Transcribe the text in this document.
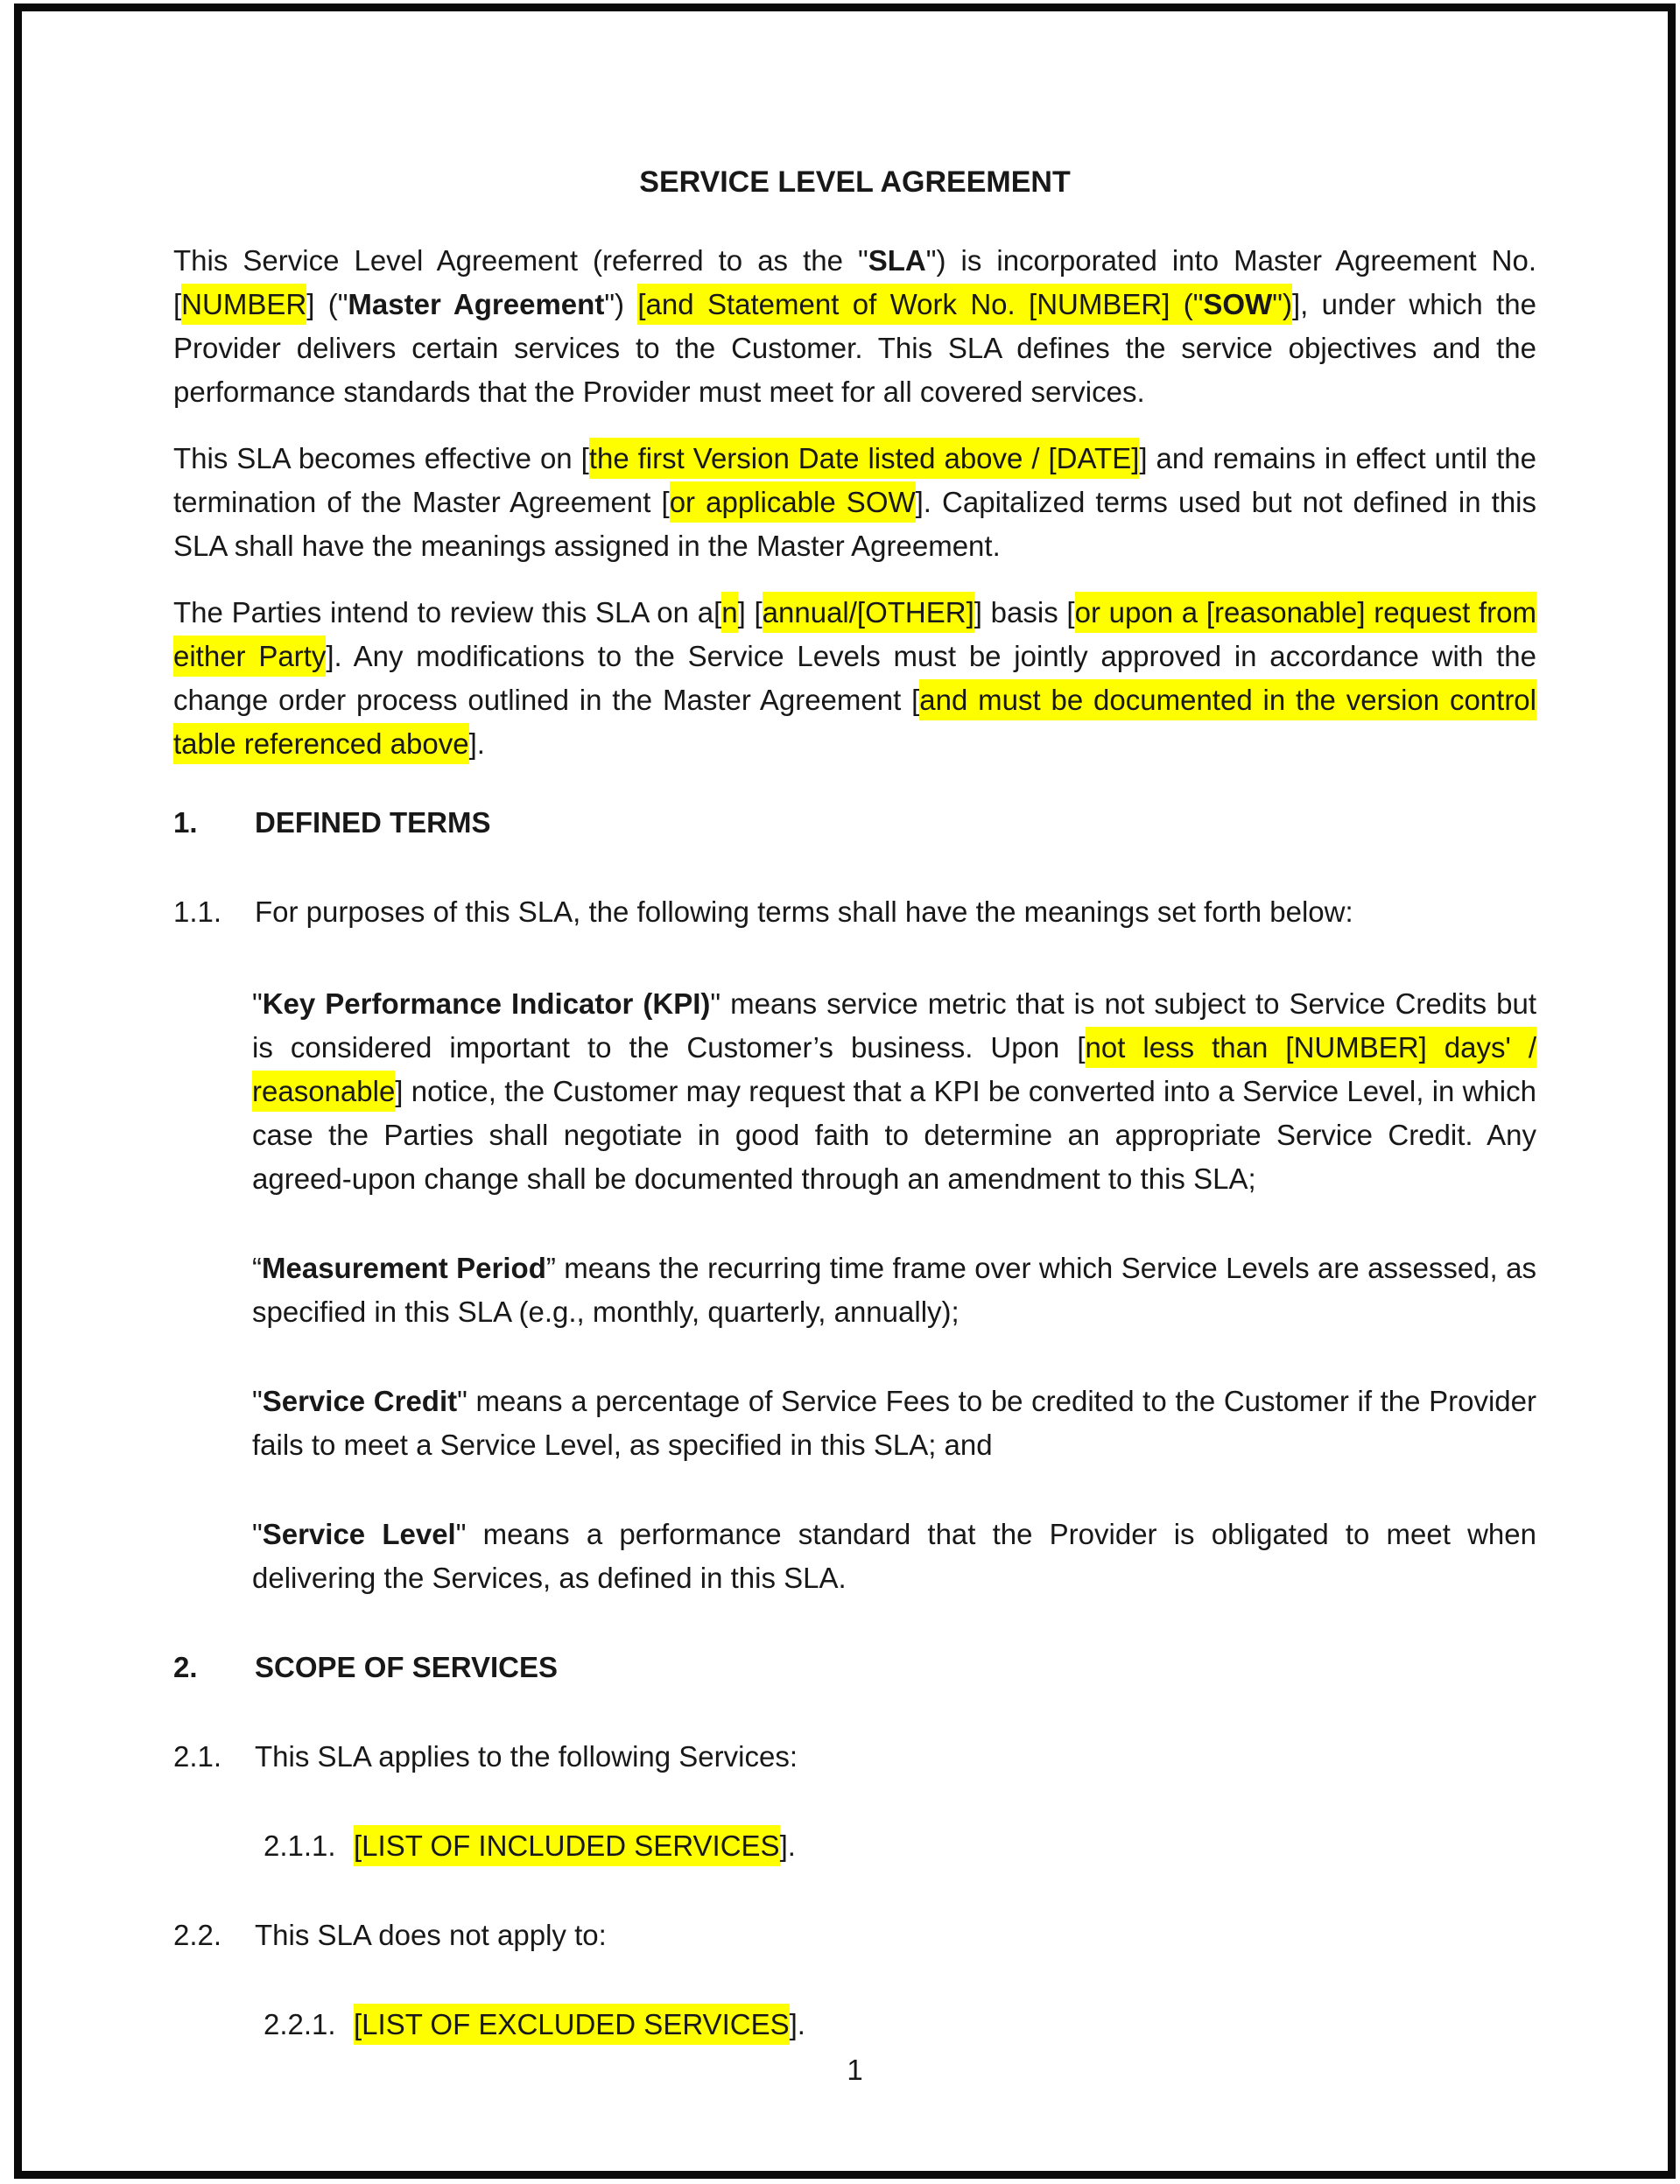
SERVICE LEVEL AGREEMENT

This Service Level Agreement (referred to as the "SLA") is incorporated into Master Agreement No. [NUMBER] ("Master Agreement") [and Statement of Work No. [NUMBER] ("SOW")], under which the Provider delivers certain services to the Customer. This SLA defines the service objectives and the performance standards that the Provider must meet for all covered services.

This SLA becomes effective on [the first Version Date listed above / [DATE]] and remains in effect until the termination of the Master Agreement [or applicable SOW]. Capitalized terms used but not defined in this SLA shall have the meanings assigned in the Master Agreement.

The Parties intend to review this SLA on a[n] [annual/[OTHER]] basis [or upon a [reasonable] request from either Party]. Any modifications to the Service Levels must be jointly approved in accordance with the change order process outlined in the Master Agreement [and must be documented in the version control table referenced above].

1.	DEFINED TERMS
1.1.	For purposes of this SLA, the following terms shall have the meanings set forth below:

"Key Performance Indicator (KPI)" means service metric that is not subject to Service Credits but is considered important to the Customer’s business. Upon [not less than [NUMBER] days' / reasonable] notice, the Customer may request that a KPI be converted into a Service Level, in which case the Parties shall negotiate in good faith to determine an appropriate Service Credit. Any agreed-upon change shall be documented through an amendment to this SLA;

“Measurement Period” means the recurring time frame over which Service Levels are assessed, as specified in this SLA (e.g., monthly, quarterly, annually);

"Service Credit" means a percentage of Service Fees to be credited to the Customer if the Provider fails to meet a Service Level, as specified in this SLA; and

"Service Level" means a performance standard that the Provider is obligated to meet when delivering the Services, as defined in this SLA.

2.	SCOPE OF SERVICES
2.1.	This SLA applies to the following Services:
2.1.1. [LIST OF INCLUDED SERVICES].
2.2.	This SLA does not apply to:
2.2.1. [LIST OF EXCLUDED SERVICES].
1
